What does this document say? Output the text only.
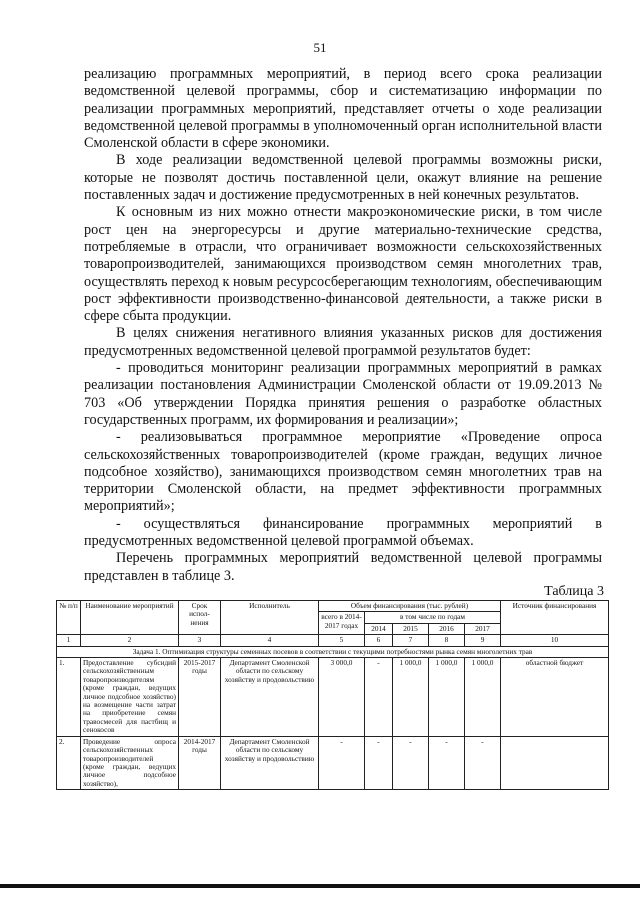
51

реализацию программных мероприятий, в период всего срока реализации ведомственной целевой программы, сбор и систематизацию информации по реализации программных мероприятий, представляет отчеты о ходе реализации ведомственной целевой программы в уполномоченный орган исполнительной власти Смоленской области в сфере экономики.

В ходе реализации ведомственной целевой программы возможны риски, которые не позволят достичь поставленной цели, окажут влияние на решение поставленных задач и достижение предусмотренных в ней конечных результатов.

К основным из них можно отнести макроэкономические риски, в том числе рост цен на энергоресурсы и другие материально-технические средства, потребляемые в отрасли, что ограничивает возможности сельскохозяйственных товаропроизводителей, занимающихся производством семян многолетних трав, осуществлять переход к новым ресурсосберегающим технологиям, обеспечивающим рост эффективности производственно-финансовой деятельности, а также риски в сфере сбыта продукции.

В целях снижения негативного влияния указанных рисков для достижения предусмотренных ведомственной целевой программой результатов будет:

- проводиться мониторинг реализации программных мероприятий в рамках реализации постановления Администрации Смоленской области от 19.09.2013 № 703 «Об утверждении Порядка принятия решения о разработке областных государственных программ, их формирования и реализации»;

- реализовываться программное мероприятие «Проведение опроса сельскохозяйственных товаропроизводителей (кроме граждан, ведущих личное подсобное хозяйство), занимающихся производством семян многолетних трав на территории Смоленской области, на предмет эффективности программных мероприятий»;

- осуществляться финансирование программных мероприятий в предусмотренных ведомственной целевой программой объемах.

Перечень программных мероприятий ведомственной целевой программы представлен в таблице 3.

Таблица 3
№ п/п	Наименование мероприятий	Срок испол-нения	Исполнитель	Объем финансирования (тыс. рублей)					Источник финансирования
				всего в 2014-2017 годах	в том числе по годам				
					2014	2015	2016	2017	
1	2	3	4	5	6	7	8	9	10
Задача 1. Оптимизация структуры семенных посевов в соответствии с текущими потребностями рынка семян многолетних трав									
1.	Предоставление субсидий сельскохозяйственным товаропроизводителям (кроме граждан, ведущих личное подсобное хозяйство) на возмещение части затрат на приобретение семян травосмесей для пастбищ и сенокосов	2015-2017 годы	Департамент Смоленской области по сельскому хозяйству и продовольствию	3 000,0	-	1 000,0	1 000,0	1 000,0	областной бюджет
2.	Проведение опроса сельскохозяйственных товаропроизводителей (кроме граждан, ведущих личное подсобное хозяйство),	2014-2017 годы	Департамент Смоленской области по сельскому хозяйству и продовольствию	-	-	-	-	-	
